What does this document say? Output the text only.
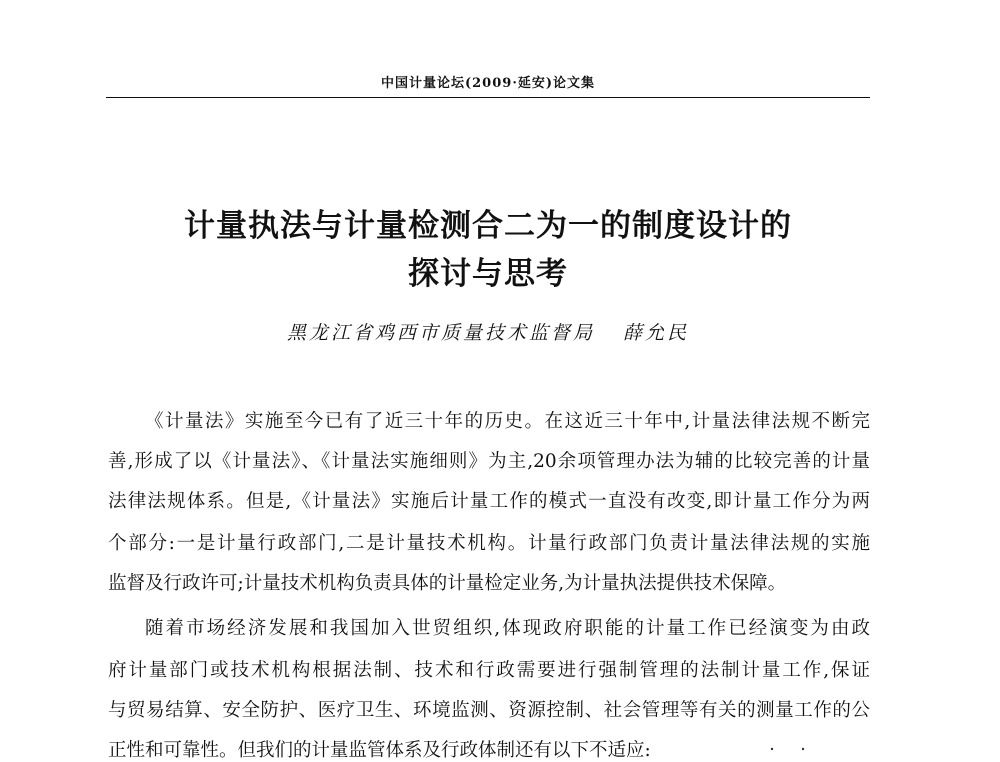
中国计量论坛(2009·延安)论文集
计量执法与计量检测合二为一的制度设计的
探讨与思考
黑龙江省鸡西市质量技术监督局 薛允民
《计量法》实施至今已有了近三十年的历史。在这近三十年中,计量法律法规不断完
善,形成了以《计量法》、《计量法实施细则》为主,20余项管理办法为辅的比较完善的计量
法律法规体系。但是,《计量法》实施后计量工作的模式一直没有改变,即计量工作分为两
个部分:一是计量行政部门,二是计量技术机构。计量行政部门负责计量法律法规的实施
监督及行政许可;计量技术机构负责具体的计量检定业务,为计量执法提供技术保障。
随着市场经济发展和我国加入世贸组织,体现政府职能的计量工作已经演变为由政
府计量部门或技术机构根据法制、技术和行政需要进行强制管理的法制计量工作,保证
与贸易结算、安全防护、医疗卫生、环境监测、资源控制、社会管理等有关的测量工作的公
正性和可靠性。但我们的计量监管体系及行政体制还有以下不适应:
